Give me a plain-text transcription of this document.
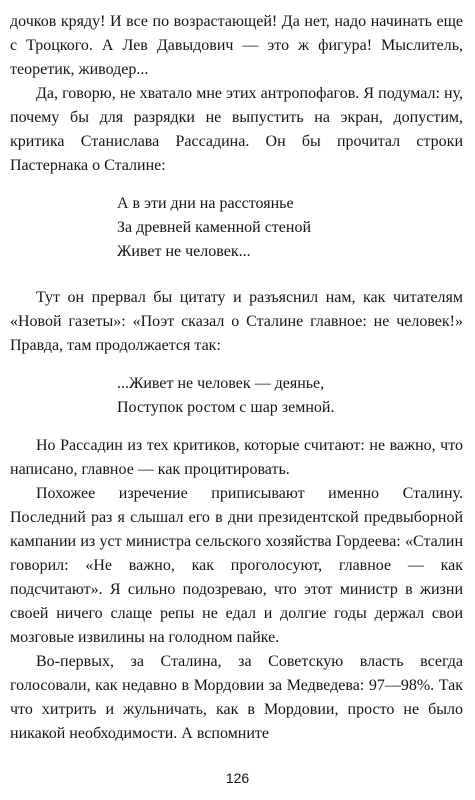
дочков кряду! И все по возрастающей! Да нет, надо начинать еще с Троцкого. А Лев Давыдович — это ж фигура! Мыслитель, теоретик, живодер...

Да, говорю, не хватало мне этих антропофагов. Я подумал: ну, почему бы для разрядки не выпустить на экран, допустим, критика Станислава Рассадина. Он бы прочитал строки Пастернака о Сталине:

А в эти дни на расстоянье
За древней каменной стеной
Живет не человек...

Тут он прервал бы цитату и разъяснил нам, как читателям «Новой газеты»: «Поэт сказал о Сталине главное: не человек!» Правда, там продолжается так:

...Живет не человек — деянье,
Поступок ростом с шар земной.

Но Рассадин из тех критиков, которые считают: не важно, что написано, главное — как процитировать.

Похожее изречение приписывают именно Сталину. Последний раз я слышал его в дни президентской предвыборной кампании из уст министра сельского хозяйства Гордеева: «Сталин говорил: «Не важно, как проголосуют, главное — как подсчитают». Я сильно подозреваю, что этот министр в жизни своей ничего слаще репы не едал и долгие годы держал свои мозговые извилины на голодном пайке.

Во-первых, за Сталина, за Советскую власть всегда голосовали, как недавно в Мордовии за Медведева: 97—98%. Так что хитрить и жульничать, как в Мордовии, просто не было никакой необходимости. А вспомните

126
